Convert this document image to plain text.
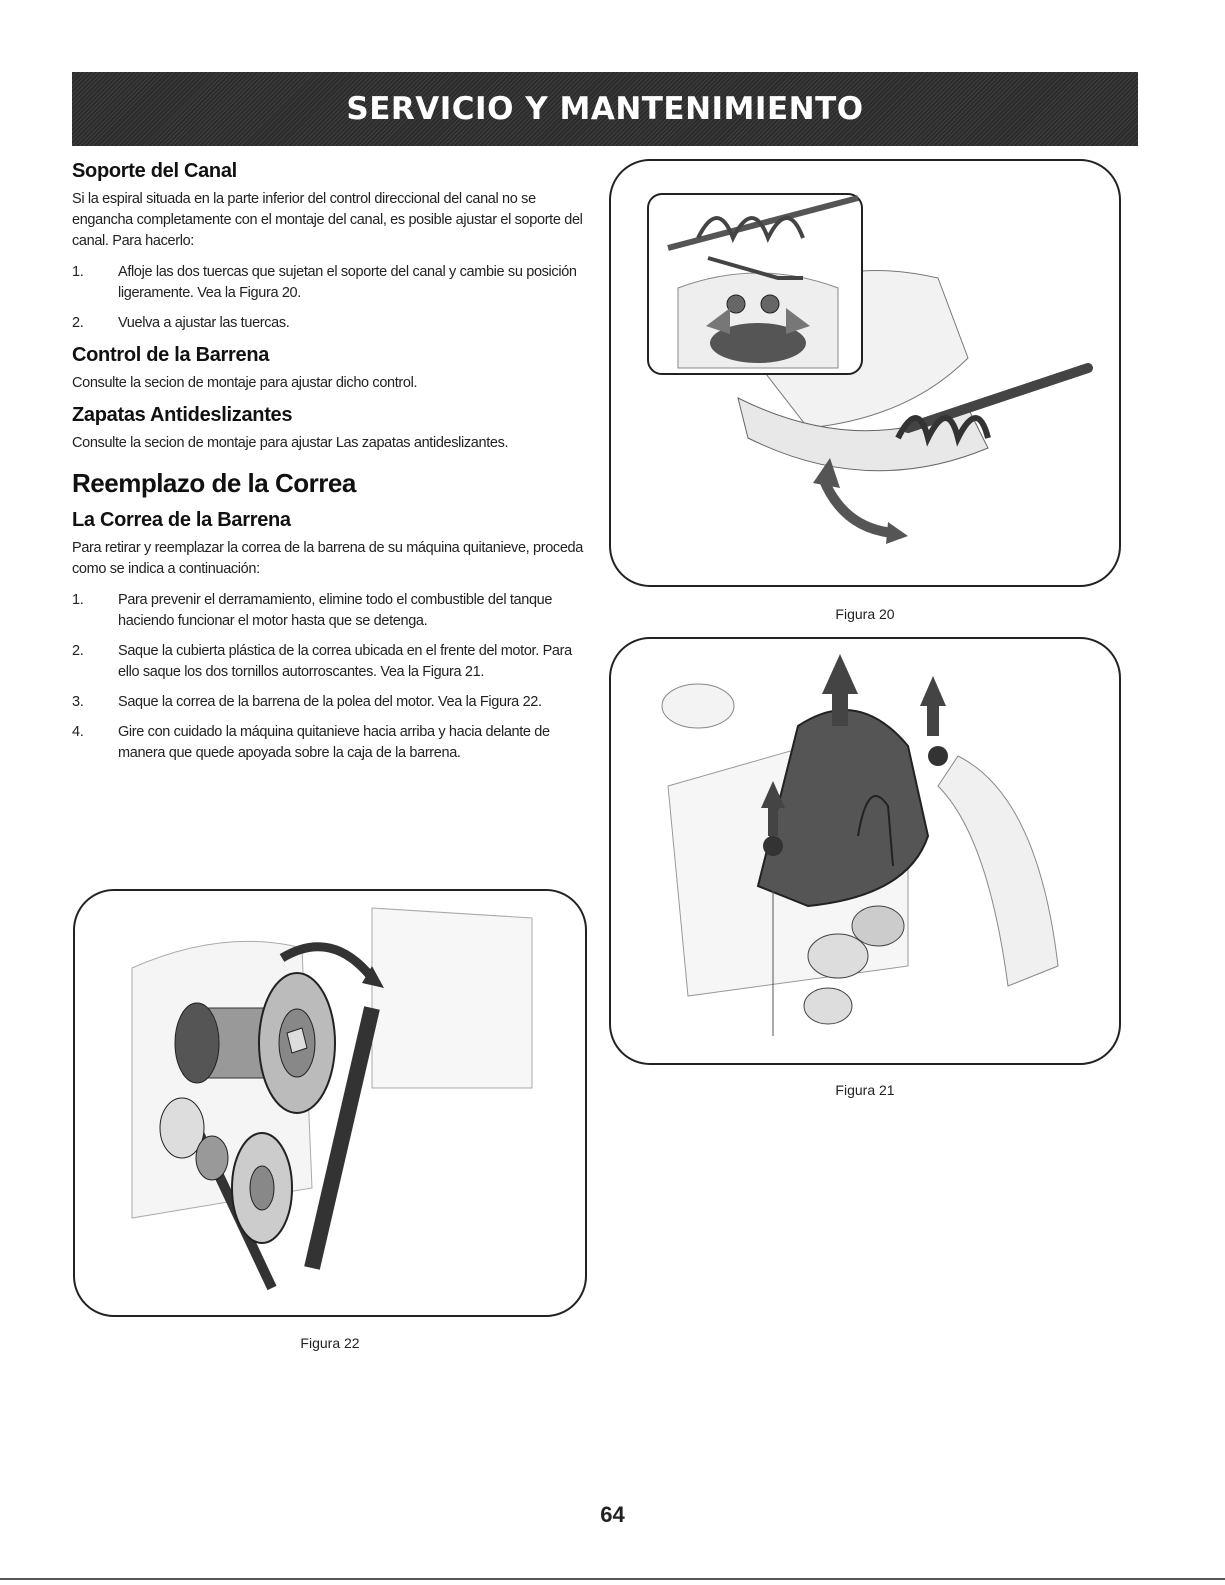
SERVICIO Y MANTENIMIENTO
Soporte del Canal

Si la espiral situada en la parte inferior del control direccional del canal no se engancha completamente con el montaje del canal, es posible ajustar el soporte del canal. Para hacerlo:

1. Afloje las dos tuercas que sujetan el soporte del canal y cambie su posición ligeramente. Vea la Figura 20.
2. Vuelva a ajustar las tuercas.
Control de la Barrena

Consulte la secion de montaje para ajustar dicho control.

Zapatas Antideslizantes

Consulte la secion de montaje para ajustar Las zapatas antideslizantes.

Reemplazo de la Correa
La Correa de la Barrena

Para retirar y reemplazar la correa de la barrena de su máquina quitanieve, proceda como se indica a continuación:

1. Para prevenir el derramamiento, elimine todo el combustible del tanque haciendo funcionar el motor hasta que se detenga.
2. Saque la cubierta plástica de la correa ubicada en el frente del motor. Para ello saque los dos tornillos autorroscantes. Vea la Figura 21.
3. Saque la correa de la barrena de la polea del motor. Vea la Figura 22.
4. Gire con cuidado la máquina quitanieve hacia arriba y hacia delante de manera que quede apoyada sobre la caja de la barrena.
Figura 20
Figura 21
Figura 22
64
